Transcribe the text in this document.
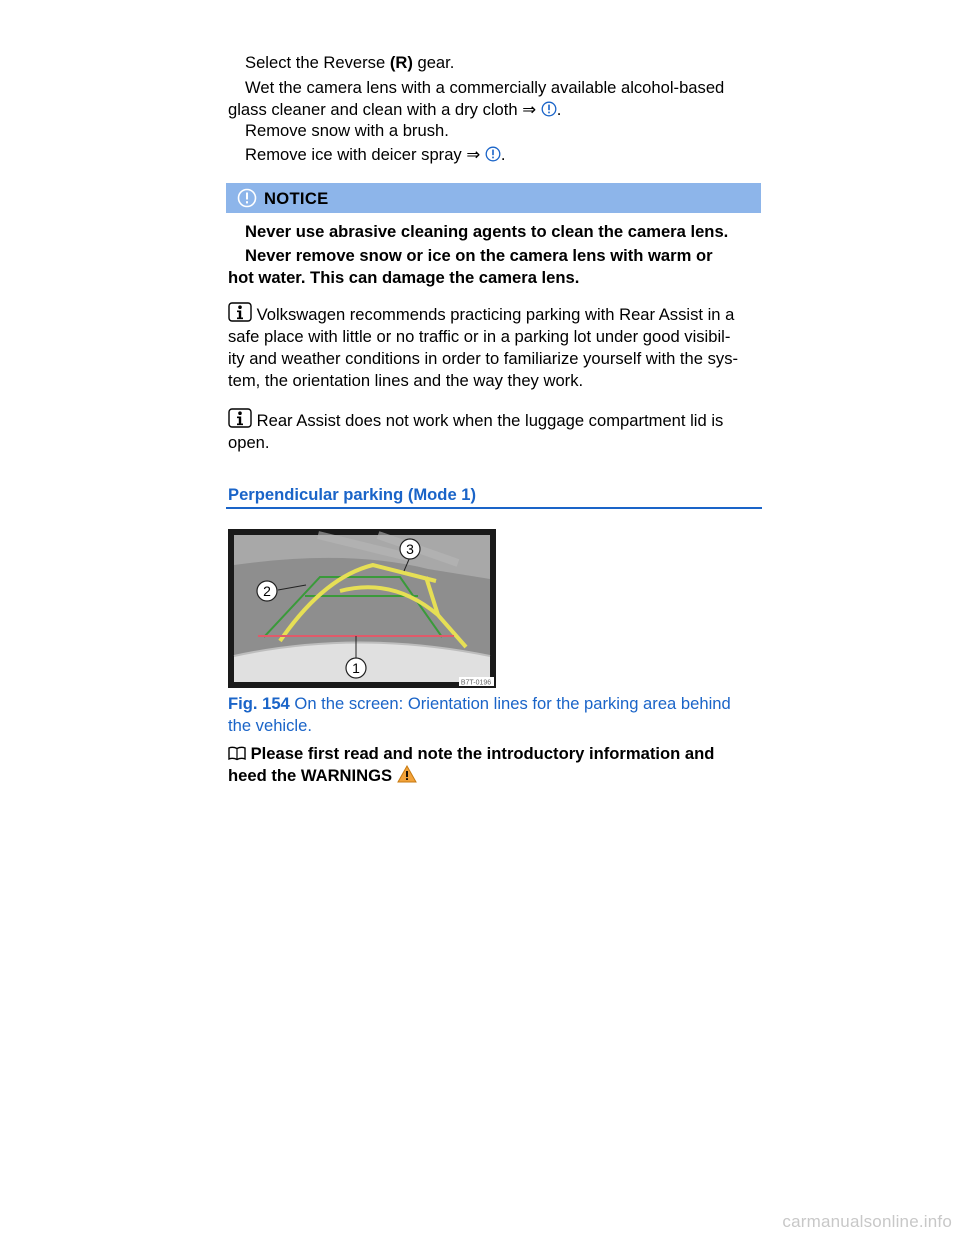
Select the Reverse (R) gear.
Wet the camera lens with a commercially available alcohol-based
glass cleaner and clean with a dry cloth ⇒ .
Remove snow with a brush.
Remove ice with deicer spray ⇒ .
NOTICE
Never use abrasive cleaning agents to clean the camera lens.
Never remove snow or ice on the camera lens with warm or
hot water. This can damage the camera lens.
Volkswagen recommends practicing parking with Rear Assist in a
safe place with little or no traffic or in a parking lot under good visibil-
ity and weather conditions in order to familiarize yourself with the sys-
tem, the orientation lines and the way they work.
Rear Assist does not work when the luggage compartment lid is
open.
Perpendicular parking (Mode 1)
1
2
3
B7T-0196
Fig. 154 On the screen: Orientation lines for the parking area behind
the vehicle.
Please first read and note the introductory information and
heed the WARNINGS
carmanualsonline.info
